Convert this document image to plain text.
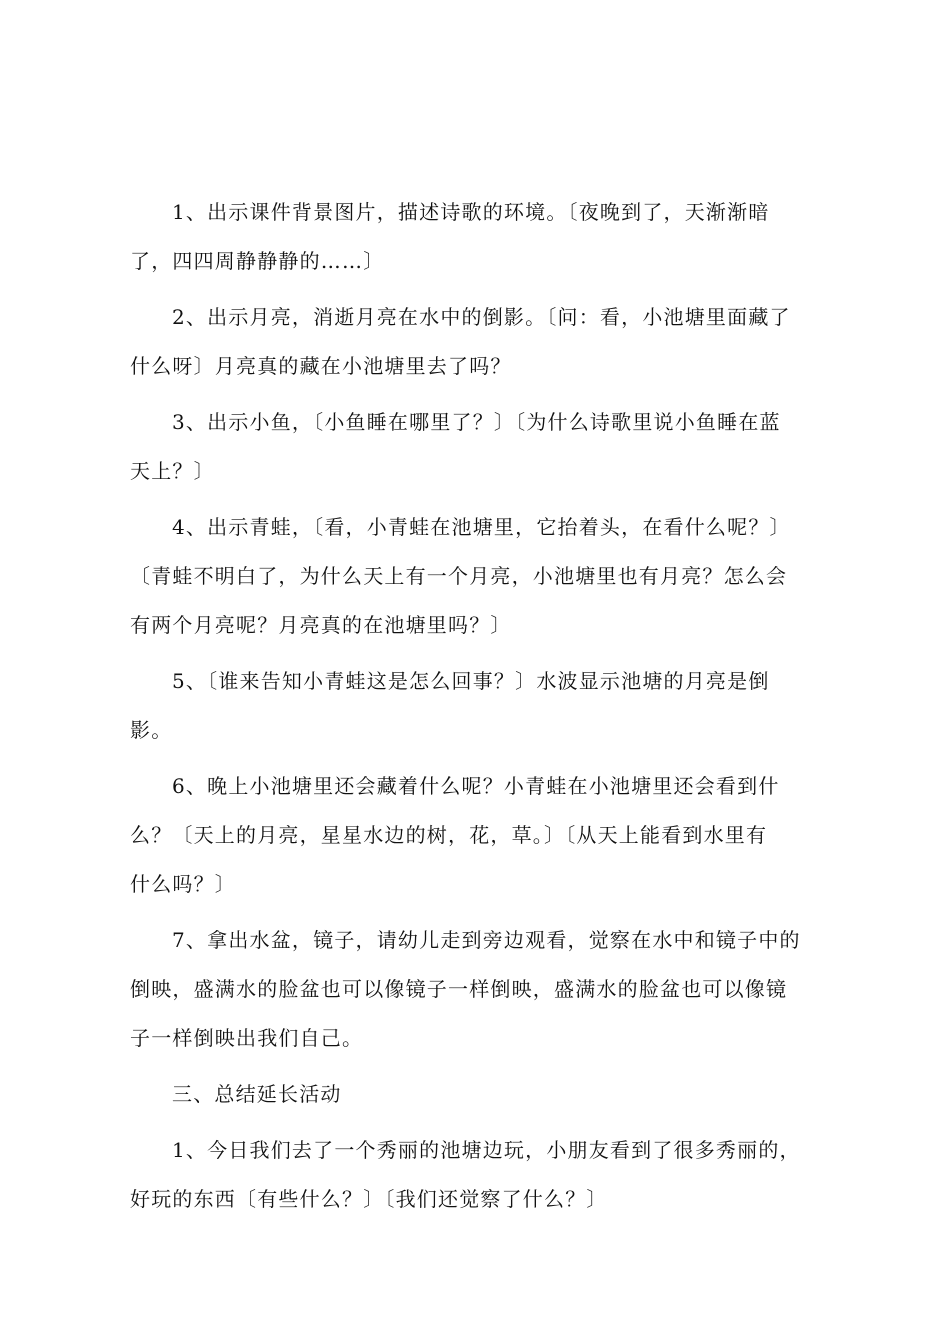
1、出示课件背景图片，描述诗歌的环境。〔夜晚到了，天渐渐暗
了，四四周静静静的……〕

2、出示月亮，消逝月亮在水中的倒影。〔问：看，小池塘里面藏了
什么呀〕月亮真的藏在小池塘里去了吗？

3、出示小鱼，〔小鱼睡在哪里了？〕〔为什么诗歌里说小鱼睡在蓝
天上？〕

4、出示青蛙，〔看，小青蛙在池塘里，它抬着头，在看什么呢？〕
〔青蛙不明白了，为什么天上有一个月亮，小池塘里也有月亮？怎么会
有两个月亮呢？月亮真的在池塘里吗？〕

5、〔谁来告知小青蛙这是怎么回事？〕水波显示池塘的月亮是倒
影。

6、晚上小池塘里还会藏着什么呢？小青蛙在小池塘里还会看到什
么？〔天上的月亮，星星水边的树，花，草。〕〔从天上能看到水里有
什么吗？〕

7、拿出水盆，镜子，请幼儿走到旁边观看，觉察在水中和镜子中的
倒映，盛满水的脸盆也可以像镜子一样倒映，盛满水的脸盆也可以像镜
子一样倒映出我们自己。

三、总结延长活动

1、今日我们去了一个秀丽的池塘边玩，小朋友看到了很多秀丽的，
好玩的东西〔有些什么？〕〔我们还觉察了什么？〕
